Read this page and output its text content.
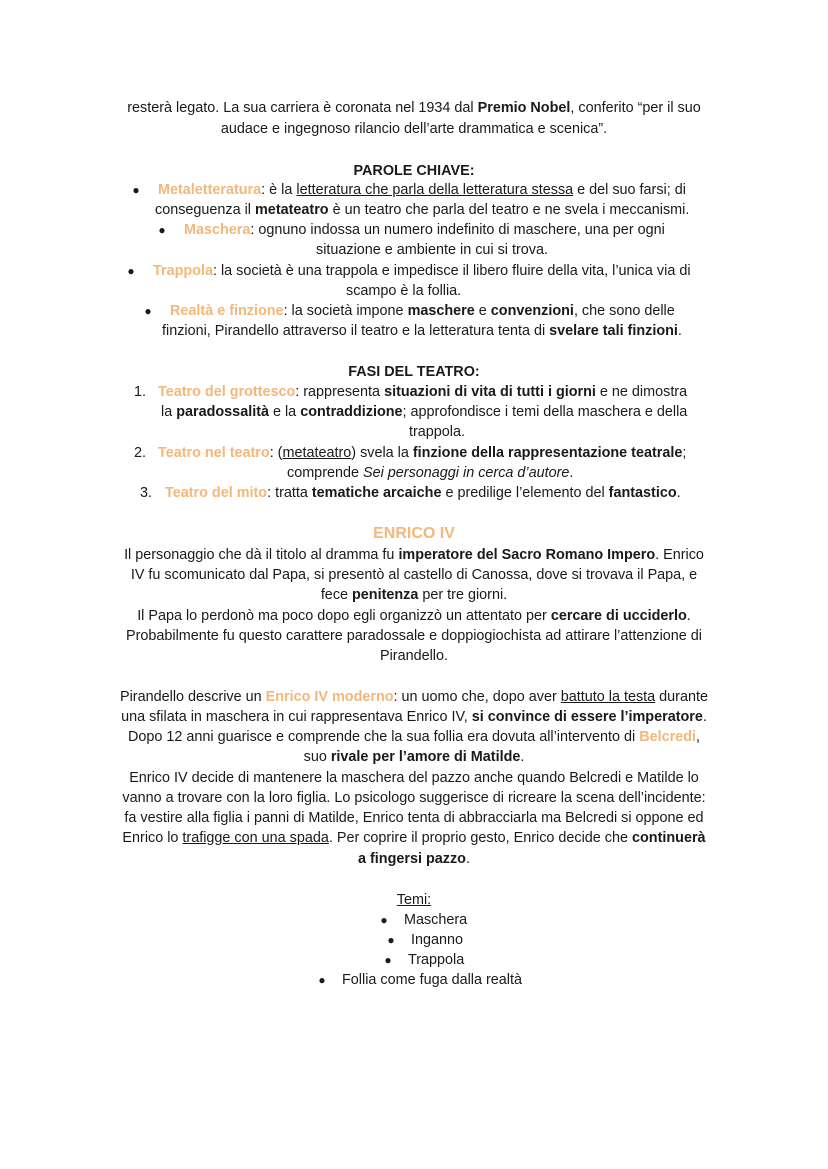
resterà legato. La sua carriera è coronata nel 1934 dal Premio Nobel, conferito “per il suo
audace e ingegnoso rilancio dell’arte drammatica e scenica”.
PAROLE CHIAVE:
● Metaletteratura: è la letteratura che parla della letteratura stessa e del suo farsi; di
conseguenza il metateatro è un teatro che parla del teatro e ne svela i meccanismi.
● Maschera: ognuno indossa un numero indefinito di maschere, una per ogni
situazione e ambiente in cui si trova.
● Trappola: la società è una trappola e impedisce il libero fluire della vita, l’unica via di
scampo è la follia.
● Realtà e finzione: la società impone maschere e convenzioni, che sono delle
finzioni, Pirandello attraverso il teatro e la letteratura tenta di svelare tali finzioni.
FASI DEL TEATRO:
1. Teatro del grottesco: rappresenta situazioni di vita di tutti i giorni e ne dimostra
la paradossalità e la contraddizione; approfondisce i temi della maschera e della
trappola.
2. Teatro nel teatro: (metateatro) svela la finzione della rappresentazione teatrale;
comprende Sei personaggi in cerca d’autore.
3. Teatro del mito: tratta tematiche arcaiche e predilige l’elemento del fantastico.
ENRICO IV
Il personaggio che dà il titolo al dramma fu imperatore del Sacro Romano Impero. Enrico
IV fu scomunicato dal Papa, si presentò al castello di Canossa, dove si trovava il Papa, e
fece penitenza per tre giorni.
Il Papa lo perdonò ma poco dopo egli organizzò un attentato per cercare di ucciderlo.
Probabilmente fu questo carattere paradossale e doppiogiochista ad attirare l’attenzione di
Pirandello.
Pirandello descrive un Enrico IV moderno: un uomo che, dopo aver battuto la testa durante
una sfilata in maschera in cui rappresentava Enrico IV, si convince di essere l’imperatore.
Dopo 12 anni guarisce e comprende che la sua follia era dovuta all’intervento di Belcredi,
suo rivale per l’amore di Matilde.
Enrico IV decide di mantenere la maschera del pazzo anche quando Belcredi e Matilde lo
vanno a trovare con la loro figlia. Lo psicologo suggerisce di ricreare la scena dell’incidente:
fa vestire alla figlia i panni di Matilde, Enrico tenta di abbracciarla ma Belcredi si oppone ed
Enrico lo trafigge con una spada. Per coprire il proprio gesto, Enrico decide che continuerà
a fingersi pazzo.
Temi:
● Maschera
● Inganno
● Trappola
● Follia come fuga dalla realtà
